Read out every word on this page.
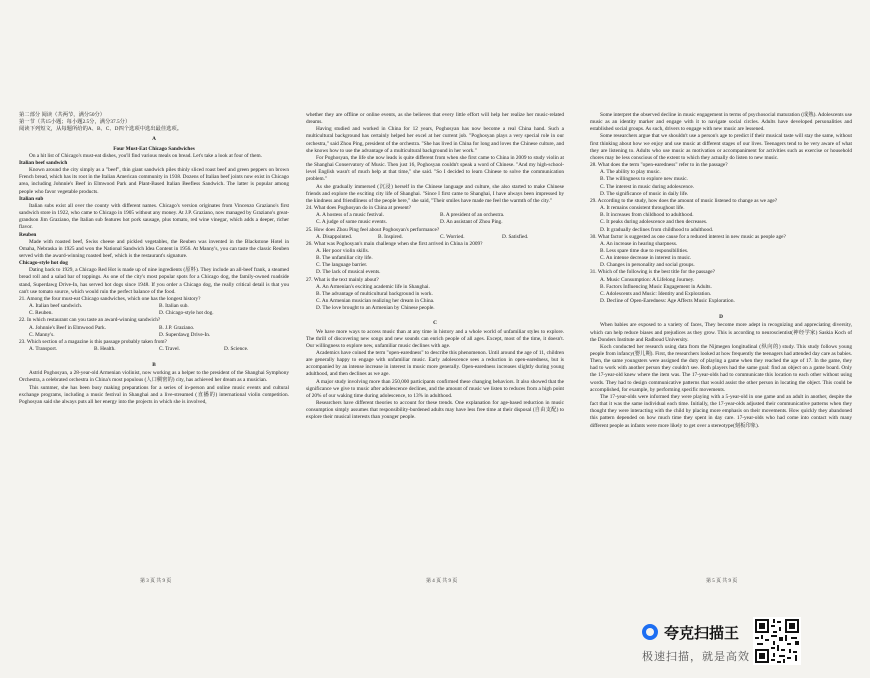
第二部分 阅读（共两节，满分50分）

第一节（共15小题；每小题2.5分，满分37.5分）

阅读下列短文，从每题所给的A、B、C、D四个选项中选出最佳选项。

A

Four Must-Eat Chicago Sandwiches

On a hit list of Chicago's must-eat dishes, you'll find various meals on bread. Let's take a look at four of them.

Italian beef sandwich

Known around the city simply as a "beef", thin giant sandwich piles thinly sliced roast beef and green peppers on brown French bread, which has its root in the Italian American community in 1938. Dozens of Italian beef joints now exist in Chicago area, including Johnnie's Beef in Elmwood Park and Plant-Based Italian Beefless Sandwich. The latter is popular among people who favor vegetable products.

Italian sub

Italian subs exist all over the county with different names. Chicago's version originates from Vincenzo Graziano's first sandwich store in 1922, who came to Chicago in 1905 without any money. At J.P. Graziano, now managed by Graziano's great-grandson Jim Graziano, the Italian sub features hot pork sausage, plus tomato, red wine vinegar, which adds a deeper, richer flavor.

Reuben

Made with roasted beef, Swiss cheese and pickled vegetables, the Reuben was invented in the Blackstone Hotel in Omaha, Nebraska in 1925 and won the National Sandwich Idea Content in 1956. At Manny's, you can taste the classic Reuben served with the award-winning roasted beef, which is the restaurant's signature.

Chicago-style hot dog

Dating back to 1929, a Chicago Red Hot is made up of nine ingredients (原料). They include an all-beef frank, a steamed bread roll and a salad bar of toppings. As one of the city's most popular spots for a Chicago dog, the family-owned roadside stand, Superdawg Drive-In, has served hot dogs since 1948. If you order a Chicago dog, the really critical detail is that you can't use tomato source, which would ruin the perfect balance of the food.

21. Among the four must-eat Chicago sandwiches, which one has the longest history?

A. Italian beef sandwich.	B. Italian sub.
C. Reuben.	D. Chicago-style hot dog.

22. In which restaurant can you taste an award-winning sandwich?

A. Johnnie's Beef in Elmwood Park.	B. J.P. Graziano.
C. Manny's.	D. Superdawg Drive-In.

23. Which section of a magazine is this passage probably taken from?

A. Transport.	B. Health.	C. Travel.	D. Science.

B

Astrid Poghosyan, a 28-year-old Armenian violinist, now working as a helper to the president of the Shanghai Symphony Orchestra, a celebrated orchestra in China's most populous (人口稠密的) city, has achieved her dream as a musician.

This summer, she has been busy making preparations for a series of in-person and online music events and cultural exchange programs, including a music festival in Shanghai and a live-streamed (直播的) international violin competition. Poghosyan said she always puts all her energy into the projects in which she is involved,

whether they are offline or online events, as she believes that every little effort will help her realize her music-related dreams.

Having studied and worked in China for 12 years, Poghosyan has now become a real China hand. Such a multicultural background has certainly helped her excel at her current job. "Poghosyan plays a very special role in our orchestra," said Zhou Ping, president of the orchestra. "She has lived in China for long and loves the Chinese culture, and she knows how to use the advantage of a multicultural background in her work."

For Poghosyan, the life she now leads is quite different from when she first came to China in 2009 to study violin at the Shanghai Conservatory of Music. Then just 16, Poghosyan couldn't speak a word of Chinese. "And my high-school-level English wasn't of much help at that time," she said. "So I decided to learn Chinese to solve the communication problem."

As she gradually immersed (沉浸) herself in the Chinese language and culture, she also started to make Chinese friends and explore the exciting city life of Shanghai. "Since I first came to Shanghai, I have always been impressed by the kindness and friendliness of the people here," she said, "Their smiles have made me feel the warmth of the city."

24. What does Poghosyan do in China at present?

A. A hostess of a music festival.	B. A president of an orchestra.
C. A judge of some music events.	D. An assistant of Zhou Ping.

25. How does Zhou Ping feel about Poghosyan's performance?

A. Disappointed.	B. Inspired.	C. Worried.	D. Satisfied.

26. What was Poghosyan's main challenge when she first arrived in China in 2009?

A. Her poor violin skills.

B. The unfamiliar city life.

C. The language barrier.

D. The lack of musical events.

27. What is the text mainly about?

A. An Armenian's exciting academic life in Shanghai.

B. The advantage of multicultural background in work.

C. An Armenian musician realizing her dream in China.

D. The love brought to an Armenian by Chinese people.

C

We have more ways to access music than at any time in history and a whole world of unfamiliar styles to explore. The thrill of discovering new songs and new sounds can enrich people of all ages. Except, most of the time, it doesn't. Our willingness to explore new, unfamiliar music declines with age.

Academics have coined the term "open-earedness" to describe this phenomenon. Until around the age of 11, children are generally happy to engage with unfamiliar music. Early adolescence sees a reduction in open-earedness, but is accompanied by an intense increase in interest in music more generally. Open-earedness increases slightly during young adulthood, and then declines as we age.

A major study involving more than 250,000 participants confirmed these changing behaviors. It also showed that the significance we give to music after adolescence declines, and the amount of music we listen to reduces from a high point of 20% of our waking time during adolescence, to 13% in adulthood.

Researchers have different theories to account for these trends. One explanation for age-based reduction in music consumption simply assumes that responsibility-burdened adults may have less free time at their disposal (自由支配) to explore their musical interests than younger people.

Some interpret the observed decline in music engagement in terms of psychosocial maturation (成熟). Adolescents use music as an identity marker and engage with it to navigate social circles. Adults have developed personalities and established social groups. As such, drivers to engage with new music are lessened.

Some researchers argue that we shouldn't use a person's age to predict if their musical taste will stay the same, without first thinking about how we enjoy and use music at different stages of our lives. Teenagers tend to be very aware of what they are listening to. Adults who use music as motivation or accompaniment for activities such as exercise or household chores may be less conscious of the extent to which they actually do listen to new music.

28. What does the term "open-earedness" refer to in the passage?

A. The ability to play music.

B. The willingness to explore new music.

C. The interest in music during adolescence.

D. The significance of music in daily life.

29. According to the study, how does the amount of music listened to change as we age?

A. It remains consistent throughout life.

B. It increases from childhood to adulthood.

C. It peaks during adolescence and then decreases.

D. It gradually declines from childhood to adulthood.

30. What factor is suggested as one cause for a reduced interest in new music as people age?

A. An increase in hearing sharpness.

B. Less spare time due to responsibilities.

C. An intense decrease in interest in music.

D. Changes in personality and social groups.

31. Which of the following is the best title for the passage?

A. Music Consumption: A Lifelong Journey.

B. Factors Influencing Music Engagement in Adults.

C. Adolescents and Music: Identity and Exploration.

D. Decline of Open-Earedness: Age Affects Music Exploration.

D

When babies are exposed to a variety of faces, They become more adept in recognizing and appreciating diversity, which can help reduce biases and prejudices as they grow. This is according to neuroscientist(神经学家) Saskia Koch of the Donders Institute and Radboud University.

Koch conducted her research using data from the Nijmegen longitudinal (纵向的) study. This study follows young people from infancy(婴儿期). First, the researchers looked at how frequently the teenagers had attended day care as babies. Then, the same youngsters were assigned the duty of playing a game when they reached the age of 17. In the game, they had to work with another person they couldn't see. Both players had the same goal: find an object on a game board. Only the 17-year-old knew where the item was. The 17-year-olds had to communicate this location to each other without using words. They had to design communicative patterns that would assist the other person in locating the object. This could be accomplished, for example, by performing specific movements.

The 17-year-olds were informed they were playing with a 5-year-old in one game and an adult in another, despite the fact that it was the same individual each time. Initially, the 17-year-olds adjusted their communicative patterns when they thought they were interacting with the child by placing more emphasis on their movements. How quickly they abandoned this pattern depended on how much time they spent in day care. 17-year-olds who had come into contact with many different people as infants were more likely to get over a stereotype(刻板印象).

第 3 页 共 9 页	第 4 页 共 9 页	第 5 页 共 9 页
夸克扫描王
极速扫描，就是高效
